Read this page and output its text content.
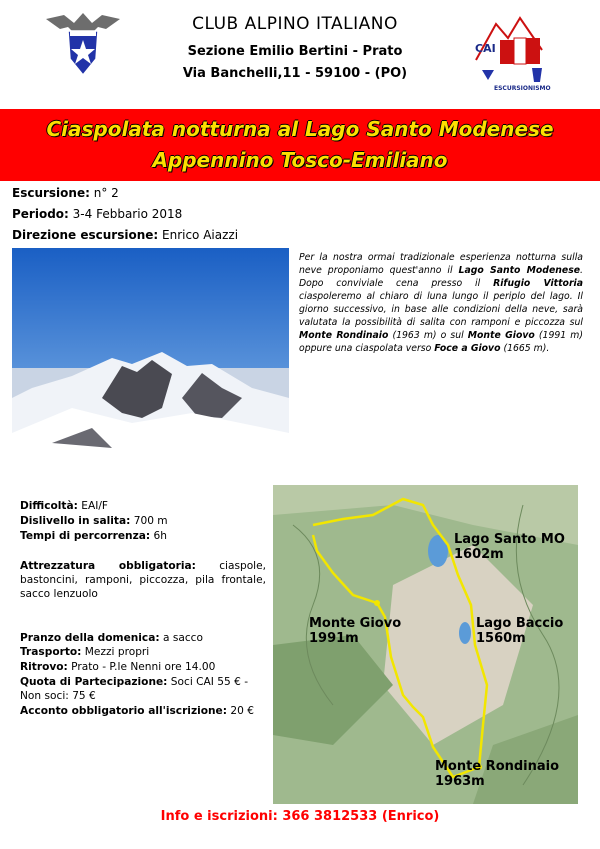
CLUB ALPINO ITALIANO
Sezione Emilio Bertini - Prato
Via Banchelli,11 - 59100 - (PO)
CAI
ESCURSIONISMO
Ciaspolata notturna al Lago Santo Modenese
Appennino Tosco-Emiliano
Escursione: n° 2
Periodo: 3-4 Febbario 2018
Direzione escursione: Enrico Aiazzi
Per la nostra ormai tradizionale esperienza notturna sulla neve proponiamo quest'anno il Lago Santo Modenese. Dopo conviviale cena presso il Rifugio Vittoria ciaspoleremo al chiaro di luna lungo il periplo del lago. Il giorno successivo, in base alle condizioni della neve, sarà valutata la possibilità di salita con ramponi e piccozza sul Monte Rondinaio (1963 m) o sul Monte Giovo (1991 m) oppure una ciaspolata verso Foce a Giovo (1665 m).
Difficoltà: EAI/F
Dislivello in salita: 700 m
Tempi di percorrenza: 6h
Attrezzatura obbligatoria: ciaspole, bastoncini, ramponi, piccozza, pila frontale, sacco lenzuolo
Pranzo della domenica: a sacco
Trasporto: Mezzi propri
Ritrovo: Prato - P.le Nenni ore 14.00
Quota di Partecipazione: Soci CAI 55 € - Non soci: 75 €
Acconto obbligatorio all'iscrizione: 20 €
Lago Santo MO
1602m
Lago Baccio
1560m
Monte Giovo
1991m
Monte Rondinaio
1963m
Info e iscrizioni: 366 3812533 (Enrico)
